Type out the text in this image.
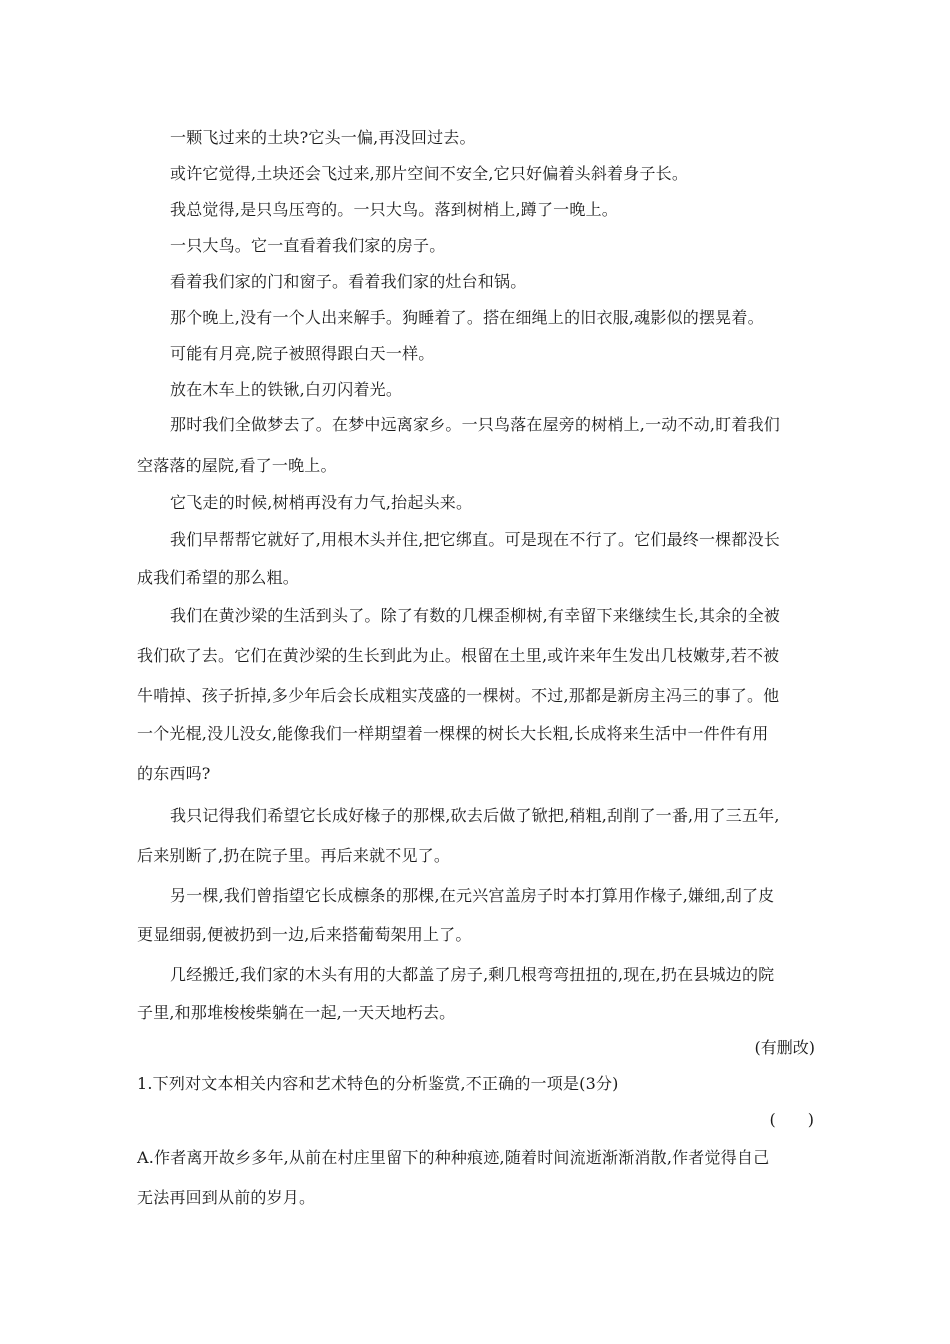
一颗飞过来的土块?它头一偏,再没回过去。
或许它觉得,土块还会飞过来,那片空间不安全,它只好偏着头斜着身子长。
我总觉得,是只鸟压弯的。一只大鸟。落到树梢上,蹲了一晚上。
一只大鸟。它一直看着我们家的房子。
看着我们家的门和窗子。看着我们家的灶台和锅。
那个晚上,没有一个人出来解手。狗睡着了。搭在细绳上的旧衣服,魂影似的摆晃着。
可能有月亮,院子被照得跟白天一样。
放在木车上的铁锹,白刃闪着光。
那时我们全做梦去了。在梦中远离家乡。一只鸟落在屋旁的树梢上,一动不动,盯着我们
空落落的屋院,看了一晚上。
它飞走的时候,树梢再没有力气,抬起头来。
我们早帮帮它就好了,用根木头并住,把它绑直。可是现在不行了。它们最终一棵都没长
成我们希望的那么粗。
我们在黄沙梁的生活到头了。除了有数的几棵歪柳树,有幸留下来继续生长,其余的全被
我们砍了去。它们在黄沙梁的生长到此为止。根留在土里,或许来年生发出几枝嫩芽,若不被
牛啃掉、孩子折掉,多少年后会长成粗实茂盛的一棵树。不过,那都是新房主冯三的事了。他
一个光棍,没儿没女,能像我们一样期望着一棵棵的树长大长粗,长成将来生活中一件件有用
的东西吗?
我只记得我们希望它长成好椽子的那棵,砍去后做了锨把,稍粗,刮削了一番,用了三五年,
后来别断了,扔在院子里。再后来就不见了。
另一棵,我们曾指望它长成檩条的那棵,在元兴宫盖房子时本打算用作椽子,嫌细,刮了皮
更显细弱,便被扔到一边,后来搭葡萄架用上了。
几经搬迁,我们家的木头有用的大都盖了房子,剩几根弯弯扭扭的,现在,扔在县城边的院
子里,和那堆梭梭柴躺在一起,一天天地朽去。
(有删改)
1.下列对文本相关内容和艺术特色的分析鉴赏,不正确的一项是(3分)
(　　)
A.作者离开故乡多年,从前在村庄里留下的种种痕迹,随着时间流逝渐渐消散,作者觉得自己
无法再回到从前的岁月。
